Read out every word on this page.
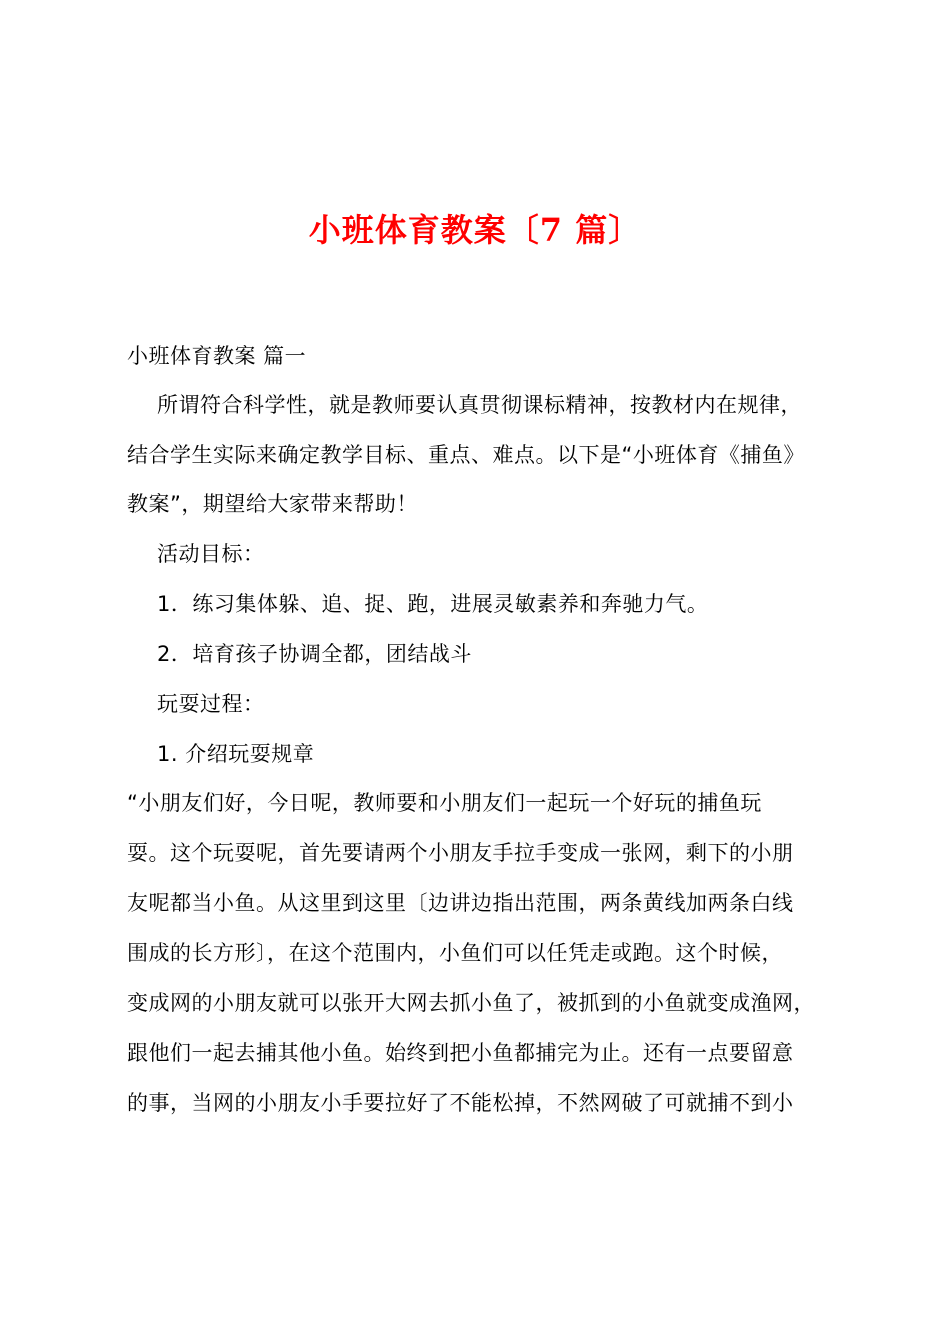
小班体育教案〔7 篇〕

小班体育教案 篇一

所谓符合科学性，就是教师要认真贯彻课标精神，按教材内在规律，

结合学生实际来确定教学目标、重点、难点。以下是“小班体育《捕鱼》

教案”，期望给大家带来帮助！

活动目标：

1．练习集体躲、追、捉、跑，进展灵敏素养和奔驰力气。

2．培育孩子协调全都，团结战斗

玩耍过程：

1. 介绍玩耍规章

“小朋友们好，今日呢，教师要和小朋友们一起玩一个好玩的捕鱼玩

耍。这个玩耍呢，首先要请两个小朋友手拉手变成一张网，剩下的小朋

友呢都当小鱼。从这里到这里〔边讲边指出范围，两条黄线加两条白线

围成的长方形〕，在这个范围内，小鱼们可以任凭走或跑。这个时候，

变成网的小朋友就可以张开大网去抓小鱼了，被抓到的小鱼就变成渔网，

跟他们一起去捕其他小鱼。始终到把小鱼都捕完为止。还有一点要留意

的事，当网的小朋友小手要拉好了不能松掉，不然网破了可就捕不到小
